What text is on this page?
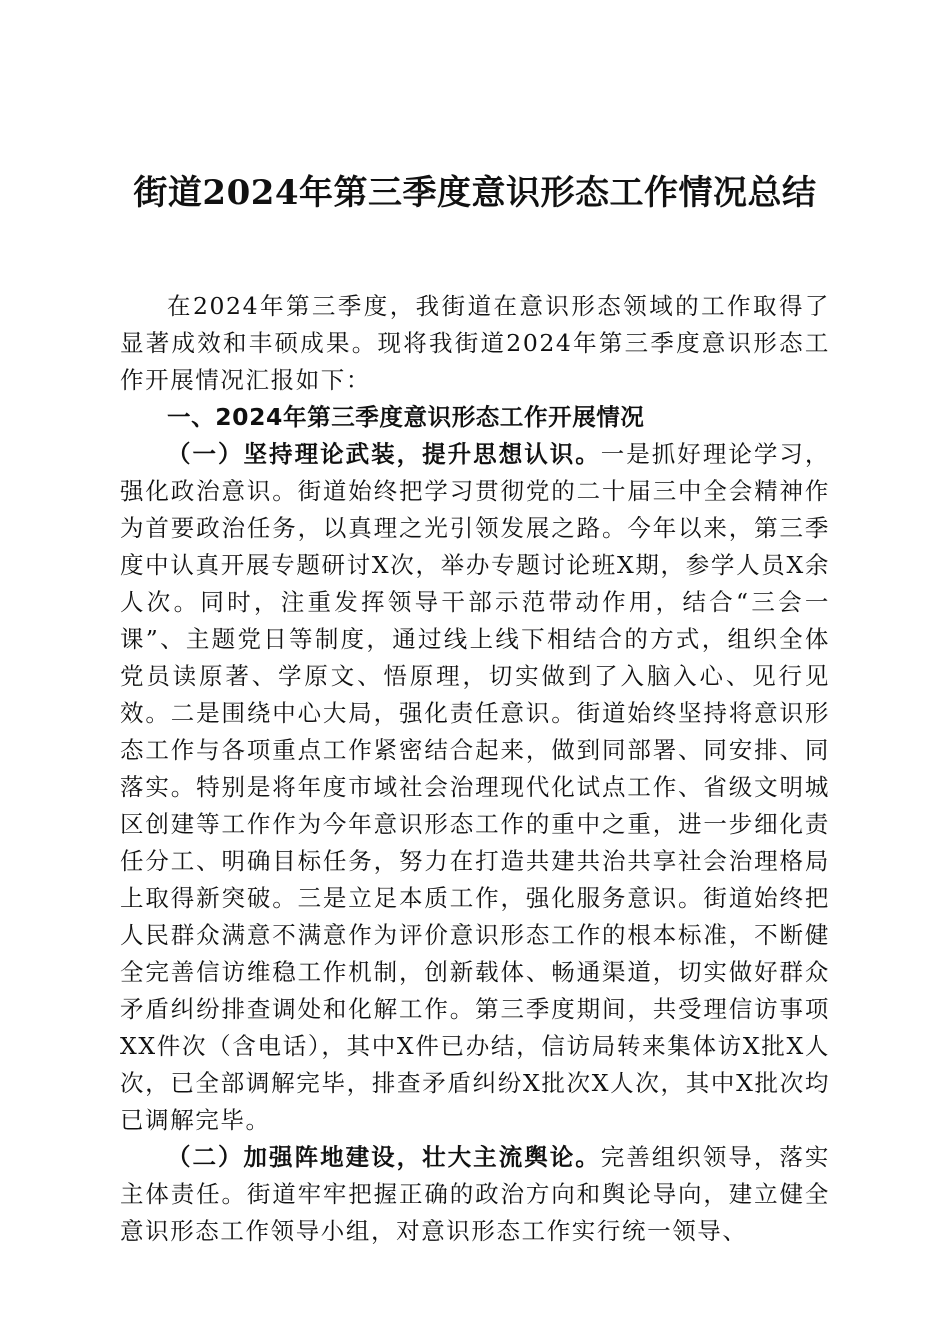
街道2024年第三季度意识形态工作情况总结

在2024年第三季度，我街道在意识形态领域的工作取得了显著成效和丰硕成果。现将我街道2024年第三季度意识形态工作开展情况汇报如下：

一、2024年第三季度意识形态工作开展情况

（一）坚持理论武装，提升思想认识。一是抓好理论学习，强化政治意识。街道始终把学习贯彻党的二十届三中全会精神作为首要政治任务，以真理之光引领发展之路。今年以来，第三季度中认真开展专题研讨X次，举办专题讨论班X期，参学人员X余人次。同时，注重发挥领导干部示范带动作用，结合“三会一课”、主题党日等制度，通过线上线下相结合的方式，组织全体党员读原著、学原文、悟原理，切实做到了入脑入心、见行见效。二是围绕中心大局，强化责任意识。街道始终坚持将意识形态工作与各项重点工作紧密结合起来，做到同部署、同安排、同落实。特别是将年度市域社会治理现代化试点工作、省级文明城区创建等工作作为今年意识形态工作的重中之重，进一步细化责任分工、明确目标任务，努力在打造共建共治共享社会治理格局上取得新突破。三是立足本质工作，强化服务意识。街道始终把人民群众满意不满意作为评价意识形态工作的根本标准，不断健全完善信访维稳工作机制，创新载体、畅通渠道，切实做好群众矛盾纠纷排查调处和化解工作。第三季度期间，共受理信访事项XX件次（含电话），其中X件已办结，信访局转来集体访X批X人次，已全部调解完毕，排查矛盾纠纷X批次X人次，其中X批次均已调解完毕。

（二）加强阵地建设，壮大主流舆论。完善组织领导，落实主体责任。街道牢牢把握正确的政治方向和舆论导向，建立健全意识形态工作领导小组，对意识形态工作实行统一领导、
